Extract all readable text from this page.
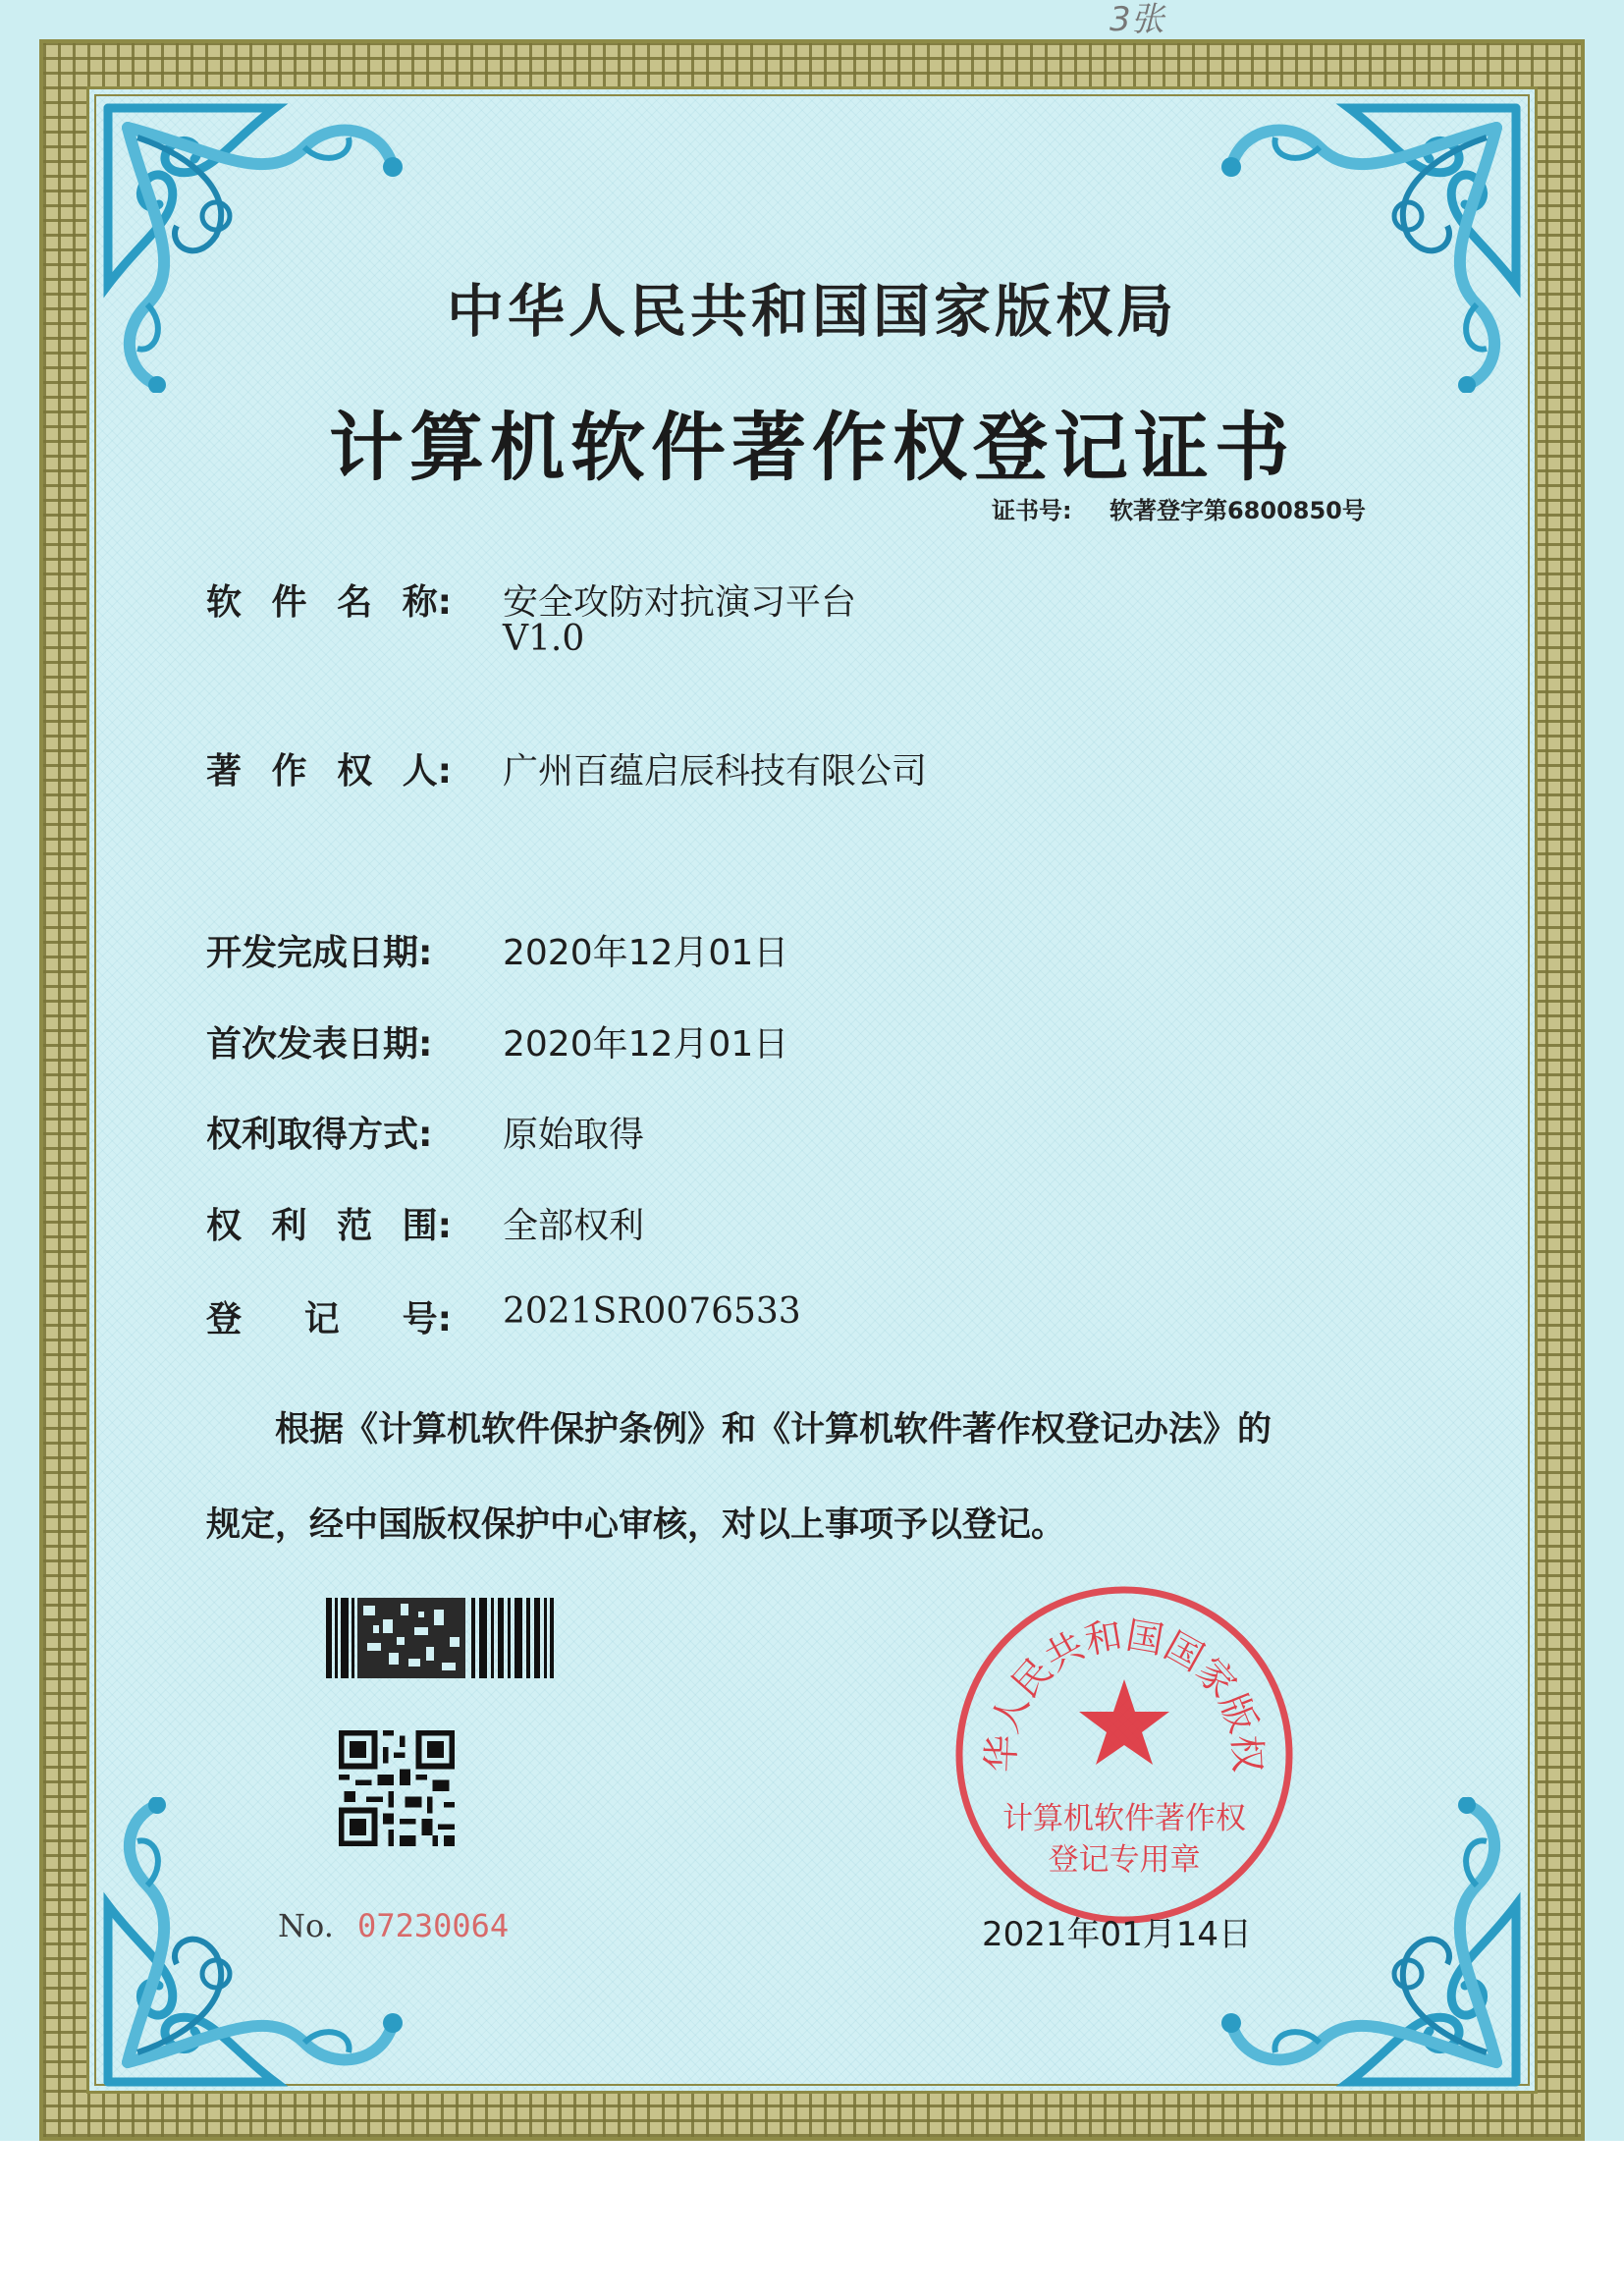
3张
中华人民共和国国家版权局
计算机软件著作权登记证书
证书号: 软著登字第6800850号
软 件 名 称: 安全攻防对抗演习平台
V1.0
著 作 权 人: 广州百蕴启辰科技有限公司
开发完成日期:	2020年12月01日
首次发表日期:	2020年12月01日
权利取得方式:	原始取得
权 利 范 围: 全部权利
登 记 号: 2021SR0076533
根据《计算机软件保护条例》和《计算机软件著作权登记办法》的
规定，经中国版权保护中心审核，对以上事项予以登记。
No. 07230064
华人民共和国国家版权
计算机软件著作权
登记专用章
2021年01月14日
